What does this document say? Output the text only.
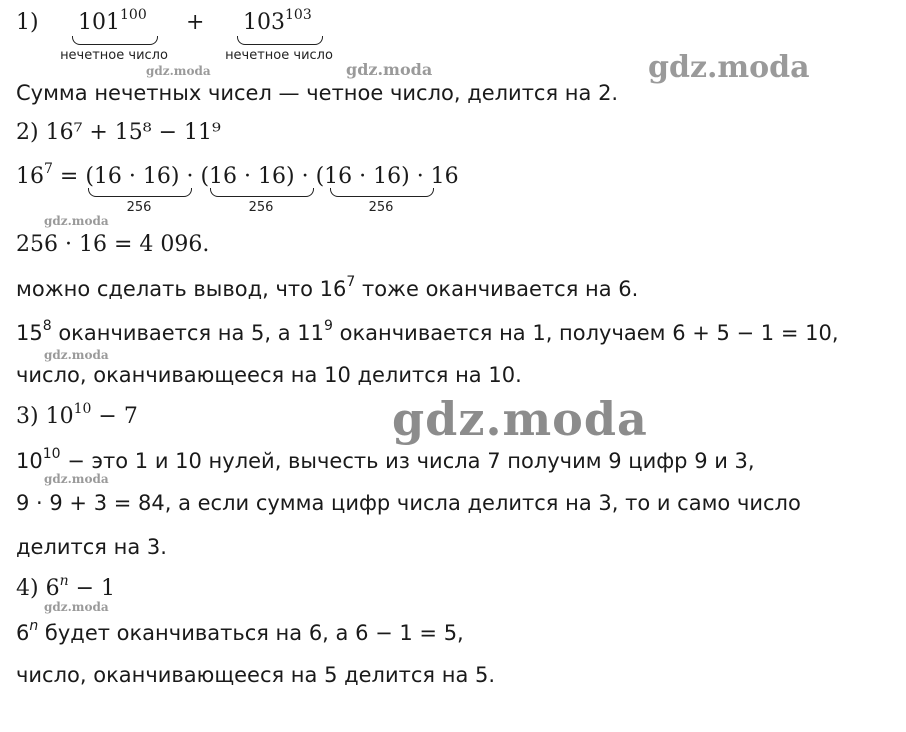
1) $101^{100} + 103^{103}$
нечетное число	нечетное число
Сумма нечетных чисел — четное число, делится на 2.
2) 16⁷ + 15⁸ − 11⁹
$16^7 = (16 \cdot 16) \cdot (16 \cdot 16) \cdot (16 \cdot 16) \cdot 16$
256	256	256
256 · 16 = 4 096.
можно сделать вывод, что $16^7$ тоже оканчивается на 6.
$15^8$ оканчивается на 5, а $11^9$ оканчивается на 1, получаем 6 + 5 − 1 = 10,
число, оканчивающееся на 10 делится на 10.
3) $10^{10} - 7$
$10^{10}$ − это 1 и 10 нулей, вычесть из числа 7 получим 9 цифр 9 и 3,
9 · 9 + 3 = 84, а если сумма цифр числа делится на 3, то и само число
делится на 3.
4) $6^n - 1$
6$^n$ будет оканчиваться на 6, а 6 − 1 = 5,
число, оканчивающееся на 5 делится на 5.
gdz.moda	gdz.moda	gdz.moda
gdz.moda
gdz.moda
gdz.moda
gdz.moda
gdz.moda
